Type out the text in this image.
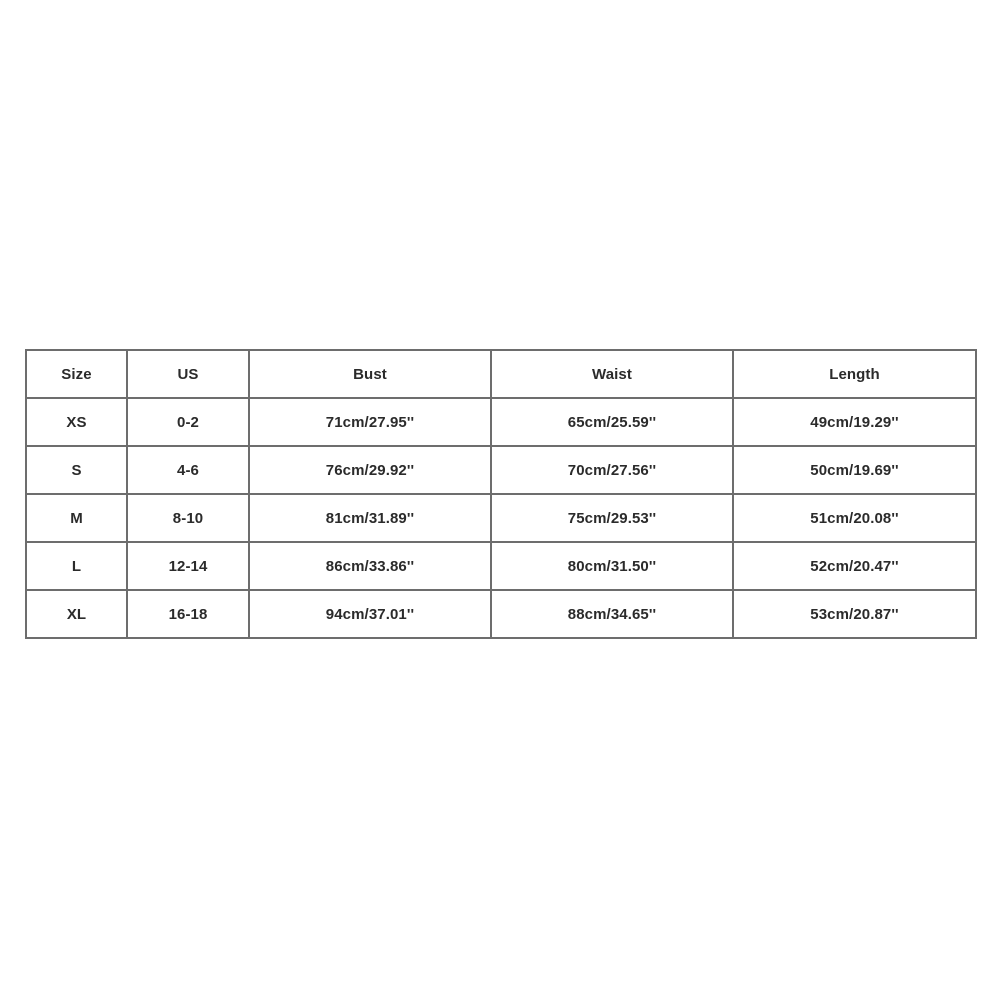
Size	US	Bust	Waist	Length
XS	0-2	71cm/27.95''	65cm/25.59''	49cm/19.29''
S	4-6	76cm/29.92''	70cm/27.56''	50cm/19.69''
M	8-10	81cm/31.89''	75cm/29.53''	51cm/20.08''
L	12-14	86cm/33.86''	80cm/31.50''	52cm/20.47''
XL	16-18	94cm/37.01''	88cm/34.65''	53cm/20.87''
